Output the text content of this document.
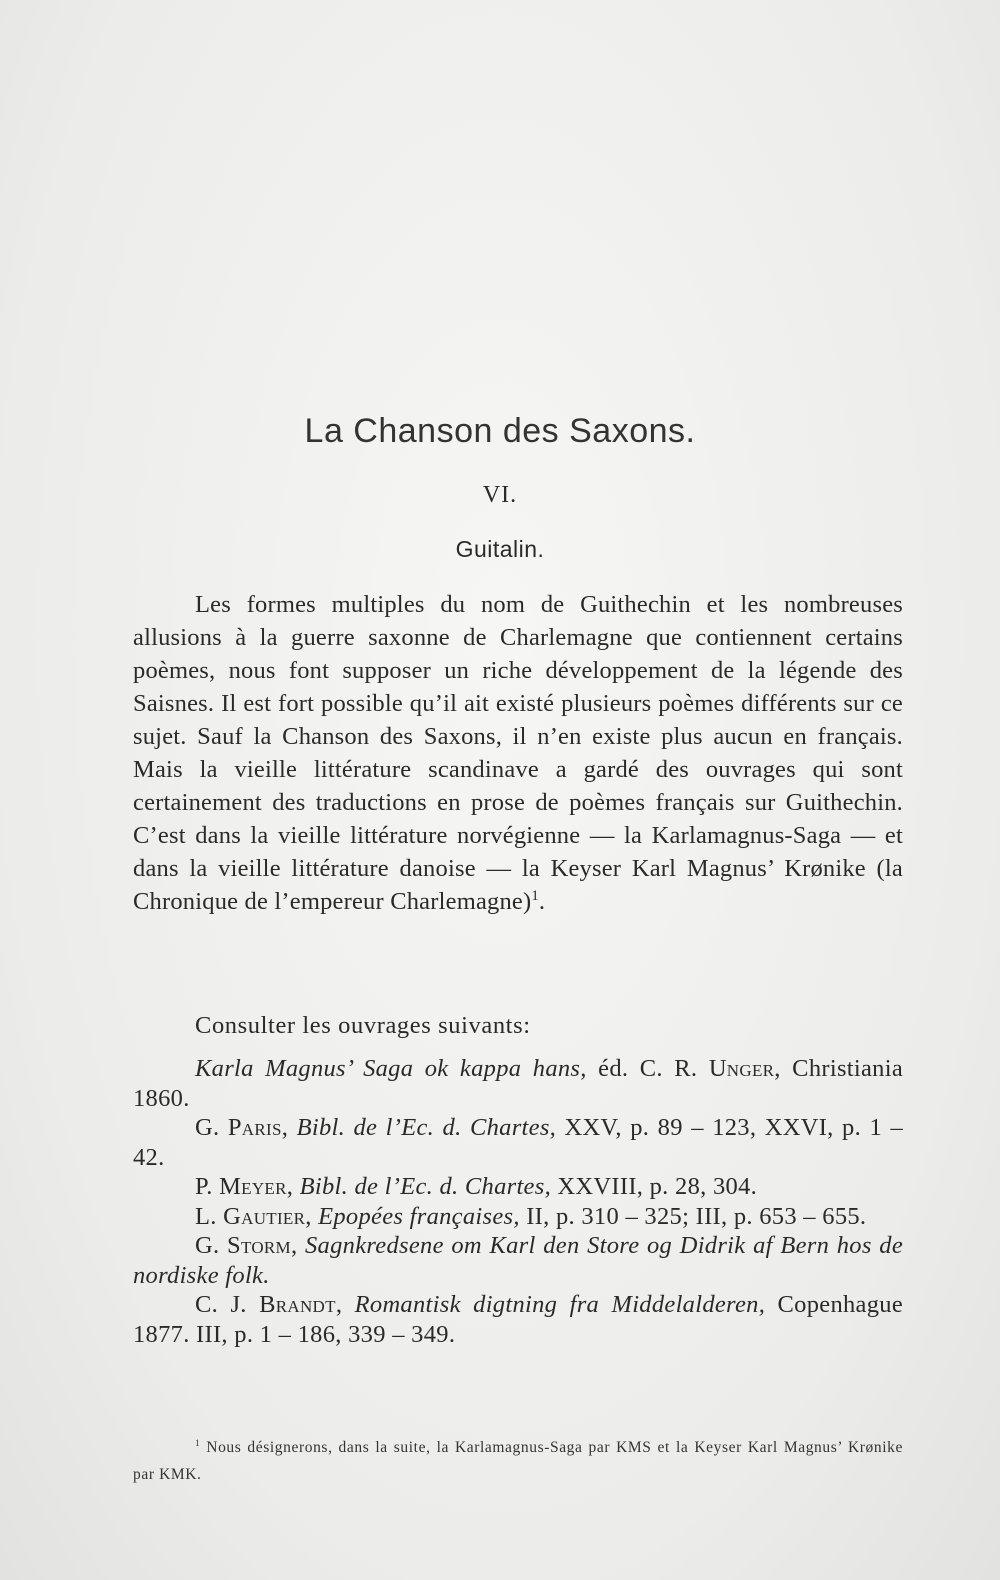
La Chanson des Saxons.
VI.
Guitalin.

Les formes multiples du nom de Guithechin et les nombreuses allusions à la guerre saxonne de Charlemagne que contiennent certains poèmes, nous font supposer un riche développement de la légende des Saisnes. Il est fort possible qu’il ait existé plusieurs poèmes différents sur ce sujet. Sauf la Chanson des Saxons, il n’en existe plus aucun en français. Mais la vieille littérature scandinave a gardé des ouvrages qui sont certainement des traductions en prose de poèmes français sur Guithechin. C’est dans la vieille littérature norvégienne — la Karlamagnus-Saga — et dans la vieille littérature danoise — la Keyser Karl Magnus’ Krønike (la Chronique de l’empereur Charlemagne)$^1$.

Consulter les ouvrages suivants:

Karla Magnus’ Saga ok kappa hans, éd. C. R. Unger, Christiania 1860.
G. Paris, Bibl. de l’Ec. d. Chartes, XXV, p. 89 – 123, XXVI, p. 1 – 42.
P. Meyer, Bibl. de l’Ec. d. Chartes, XXVIII, p. 28, 304.
L. Gautier, Epopées françaises, II, p. 310 – 325; III, p. 653 – 655.
G. Storm, Sagnkredsene om Karl den Store og Didrik af Bern hos de nordiske folk.
C. J. Brandt, Romantisk digtning fra Middelalderen, Copenhague 1877. III, p. 1 – 186, 339 – 349.

$^1$ Nous désignerons, dans la suite, la Karlamagnus-Saga par KMS et la Keyser Karl Magnus’ Krønike par KMK.
